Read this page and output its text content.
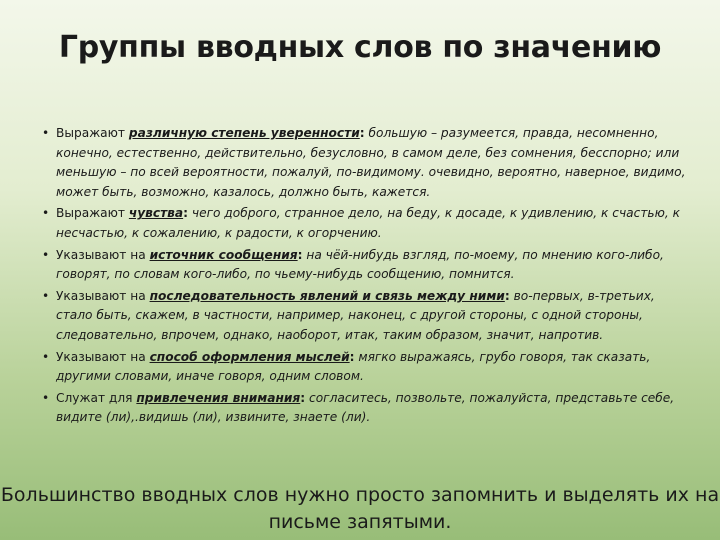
Группы вводных слов по значению
• Выражают различную степень уверенности: большую – разумеется, правда, несомненно, конечно, естественно, действительно, безусловно, в самом деле, без сомнения, бесспорно; или меньшую – по всей вероятности, пожалуй, по-видимому. очевидно, вероятно, наверное, видимо, может быть, возможно, казалось, должно быть, кажется.
• Выражают чувства: чего доброго, странное дело, на беду, к досаде, к удивлению, к счастью, к несчастью, к сожалению, к радости, к огорчению.
• Указывают на источник сообщения: на чёй-нибудь взгляд, по-моему, по мнению кого-либо, говорят, по словам кого-либо, по чьему-нибудь сообщению, помнится.
• Указывают на последовательность явлений и связь между ними: во-первых, в-третьих, стало быть, скажем, в частности, например, наконец, с другой стороны, с одной стороны, следовательно, впрочем, однако, наоборот, итак, таким образом, значит, напротив.
• Указывают на способ оформления мыслей: мягко выражаясь, грубо говоря, так сказать, другими словами, иначе говоря, одним словом.
• Служат для привлечения внимания: согласитесь, позвольте, пожалуйста, представьте себе, видите (ли),.видишь (ли), извините, знаете (ли).
Большинство вводных слов нужно просто запомнить и выделять их на письме запятыми.
